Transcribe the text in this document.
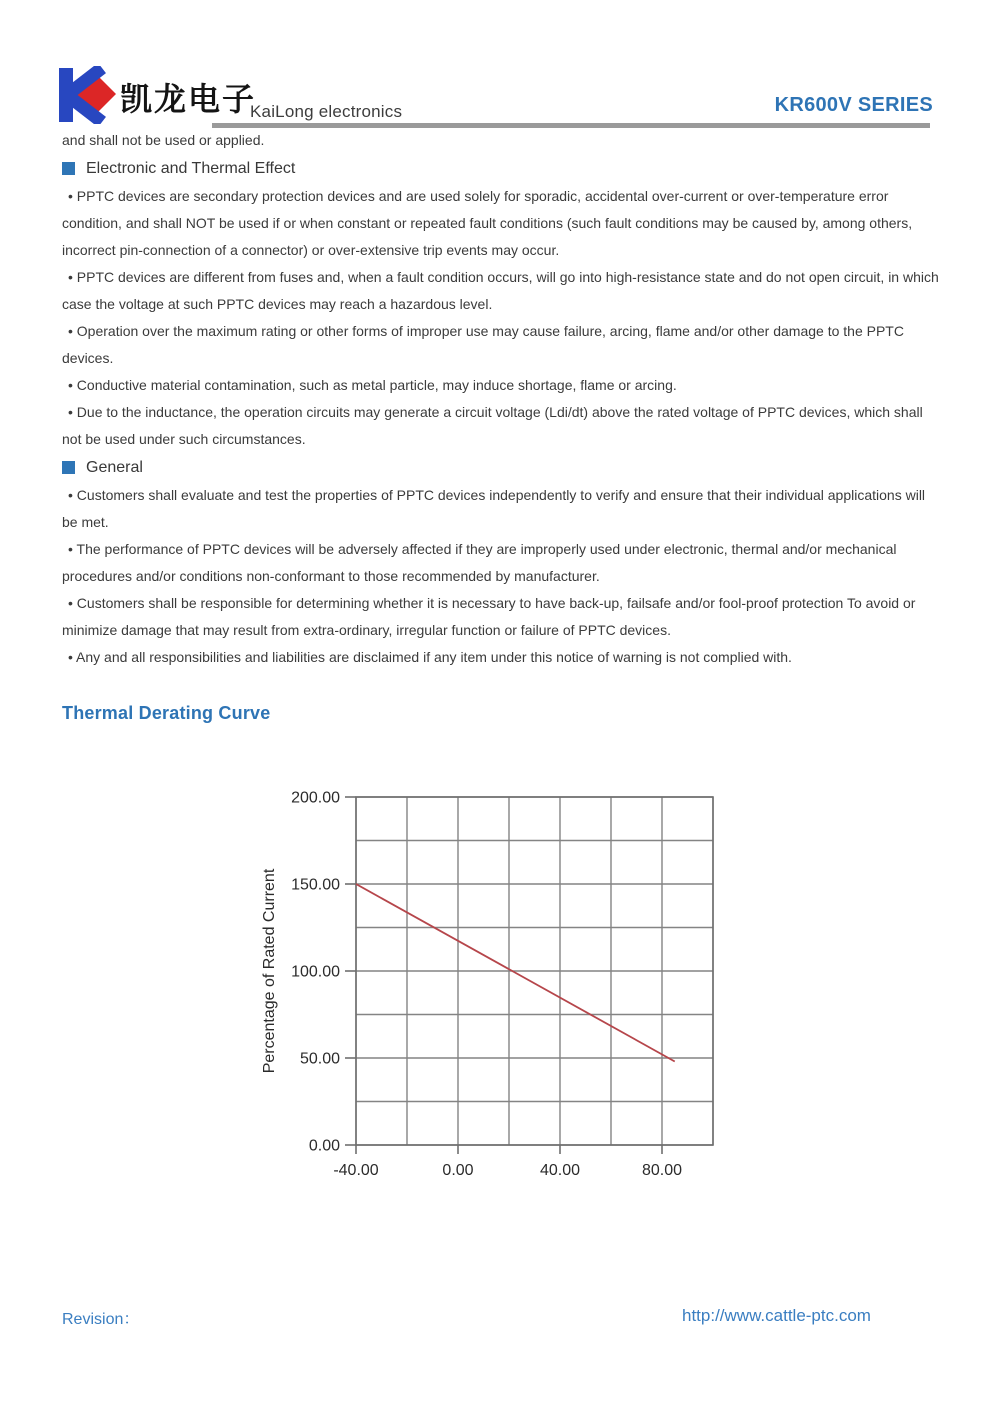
凯龙电子
KaiLong electronics	KR600V SERIES

and shall not be used or applied.

Electronic and Thermal Effect

• PPTC devices are secondary protection devices and are used solely for sporadic, accidental over-current or over-temperature error condition, and shall NOT be used if or when constant or repeated fault conditions (such fault conditions may be caused by, among others, incorrect pin-connection of a connector) or over-extensive trip events may occur.

• PPTC devices are different from fuses and, when a fault condition occurs, will go into high-resistance state and do not open circuit, in which case the voltage at such PPTC devices may reach a hazardous level.

• Operation over the maximum rating or other forms of improper use may cause failure, arcing, flame and/or other damage to the PPTC devices.

• Conductive material contamination, such as metal particle, may induce shortage, flame or arcing.

• Due to the inductance, the operation circuits may generate a circuit voltage (Ldi/dt) above the rated voltage of PPTC devices, which shall not be used under such circumstances.

General

• Customers shall evaluate and test the properties of PPTC devices independently to verify and ensure that their individual applications will be met.

• The performance of PPTC devices will be adversely affected if they are improperly used under electronic, thermal and/or mechanical procedures and/or conditions non-conformant to those recommended by manufacturer.

• Customers shall be responsible for determining whether it is necessary to have back-up, failsafe and/or fool-proof protection To avoid or minimize damage that may result from extra-ordinary, irregular function or failure of PPTC devices.

• Any and all responsibilities and liabilities are disclaimed if any item under this notice of warning is not complied with.

Thermal Derating Curve
-40.00	0.00	40.00	80.00
0.00
50.00
100.00
150.00
200.00
Percentage of Rated Current
Revision：	http://www.cattle-ptc.com
